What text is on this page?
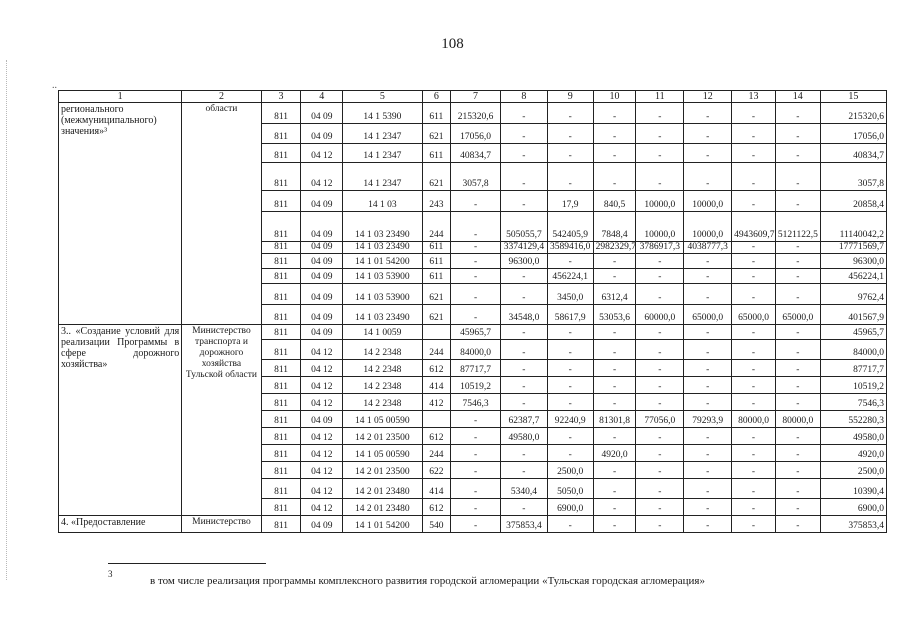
..
108
1	2	3	4	5	6	7	8	9	10	11	12	13	14	15
регионального (межмуниципального) значения»³	области	811	04 09	14 1 5390	611	215320,6	-	-	-	-	-	-	-	215320,6
		811	04 09	14 1 2347	621	17056,0	-	-	-	-	-	-	-	17056,0
		811	04 12	14 1 2347	611	40834,7	-	-	-	-	-	-	-	40834,7
		811	04 12	14 1 2347	621	3057,8	-	-	-	-	-	-	-	3057,8
		811	04 09	14 1 03	243	-	-	17,9	840,5	10000,0	10000,0	-	-	20858,4
		811	04 09	14 1 03 23490	244	-	505055,7	542405,9	7848,4	10000,0	10000,0	4943609,7	5121122,5	11140042,2
		811	04 09	14 1 03 23490	611	-	3374129,4	3589416,0	2982329,7	3786917,3	4038777,3	-	-	17771569,7
		811	04 09	14 1 01 54200	611	-	96300,0	-	-	-	-	-	-	96300,0
		811	04 09	14 1 03 53900	611	-	-	456224,1	-	-	-	-	-	456224,1
		811	04 09	14 1 03 53900	621	-	-	3450,0	6312,4	-	-	-	-	9762,4
		811	04 09	14 1 03 23490	621	-	34548,0	58617,9	53053,6	60000,0	65000,0	65000,0	65000,0	401567,9
3.. «Создание условий для реализации Программы в сфере дорожного хозяйства»	Министерство транспорта и дорожного хозяйства Тульской области	811	04 09	14 1 0059		45965,7	-	-	-	-	-	-	-	45965,7
		811	04 12	14 2 2348	244	84000,0	-	-	-	-	-	-	-	84000,0
		811	04 12	14 2 2348	612	87717,7	-	-	-	-	-	-	-	87717,7
		811	04 12	14 2 2348	414	10519,2	-	-	-	-	-	-	-	10519,2
		811	04 12	14 2 2348	412	7546,3	-	-	-	-	-	-	-	7546,3
		811	04 09	14 1 05 00590		-	62387,7	92240,9	81301,8	77056,0	79293,9	80000,0	80000,0	552280,3
		811	04 12	14 2 01 23500	612	-	49580,0	-	-	-	-	-	-	49580,0
		811	04 12	14 1 05 00590	244	-	-	-	4920,0	-	-	-	-	4920,0
		811	04 12	14 2 01 23500	622	-	-	2500,0	-	-	-	-	-	2500,0
		811	04 12	14 2 01 23480	414	-	5340,4	5050,0	-	-	-	-	-	10390,4
		811	04 12	14 2 01 23480	612	-	-	6900,0	-	-	-	-	-	6900,0
4. «Предоставление	Министерство	811	04 09	14 1 01 54200	540	-	375853,4	-	-	-	-	-	-	375853,4
3
в том числе реализация программы комплексного развития городской агломерации «Тульская городская агломерация»
